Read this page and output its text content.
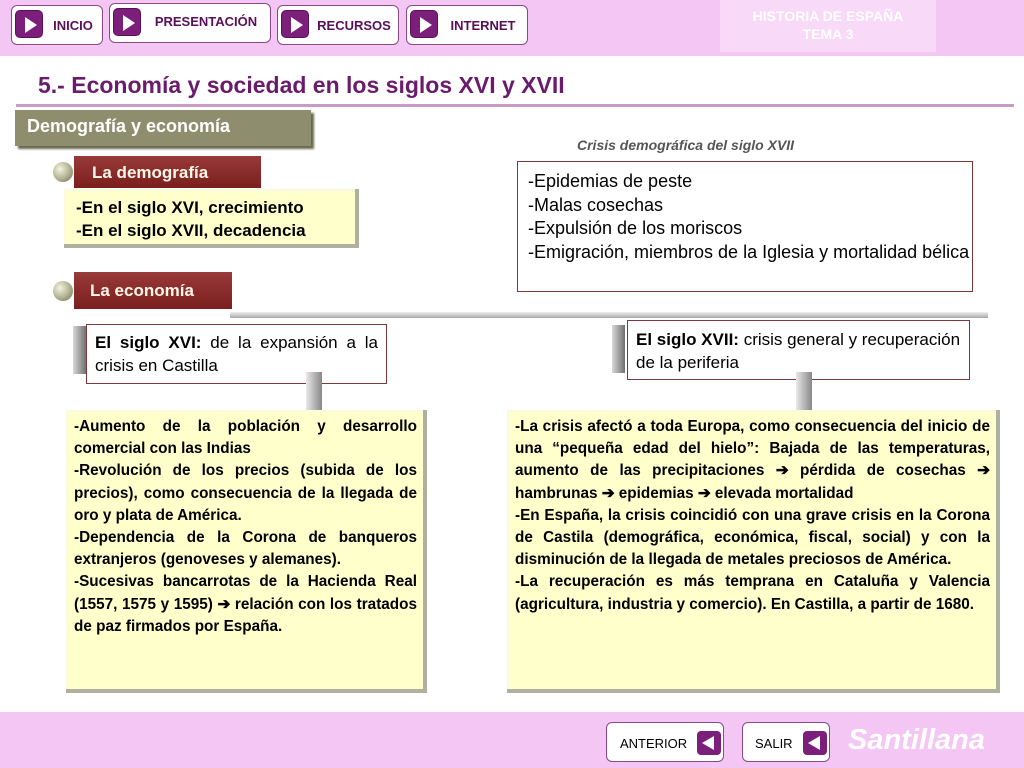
INICIO	PRESENTACIÓN	RECURSOS	INTERNET
HISTORIA DE ESPAÑA
TEMA 3
5.- Economía y sociedad en los siglos XVI y XVII
Demografía y economía
La demografía
-En el siglo XVI, crecimiento
-En el siglo XVII, decadencia
Crisis demográfica del siglo XVII
-Epidemias de peste
-Malas cosechas
-Expulsión de los moriscos
-Emigración, miembros de la Iglesia y mortalidad bélica
La economía
El siglo XVI: de la expansión a la crisis en Castilla
El siglo XVII: crisis general y recuperación de la periferia

-Aumento de la población y desarrollo comercial con las Indias

-Revolución de los precios (subida de los precios), como consecuencia de la llegada de oro y plata de América.

-Dependencia de la Corona de banqueros extranjeros (genoveses y alemanes).

-Sucesivas bancarrotas de la Hacienda Real (1557, 1575 y 1595) ➔ relación con los tratados de paz firmados por España.

-La crisis afectó a toda Europa, como consecuencia del inicio de una “pequeña edad del hielo”: Bajada de las temperaturas, aumento de las precipitaciones ➔ pérdida de cosechas ➔ hambrunas ➔ epidemias ➔ elevada mortalidad

-En España, la crisis coincidió con una grave crisis en la Corona de Castila (demográfica, económica, fiscal, social) y con la disminución de la llegada de metales preciosos de América.

-La recuperación es más temprana en Cataluña y Valencia (agricultura, industria y comercio). En Castilla, a partir de 1680.

ANTERIOR	SALIR Santillana
